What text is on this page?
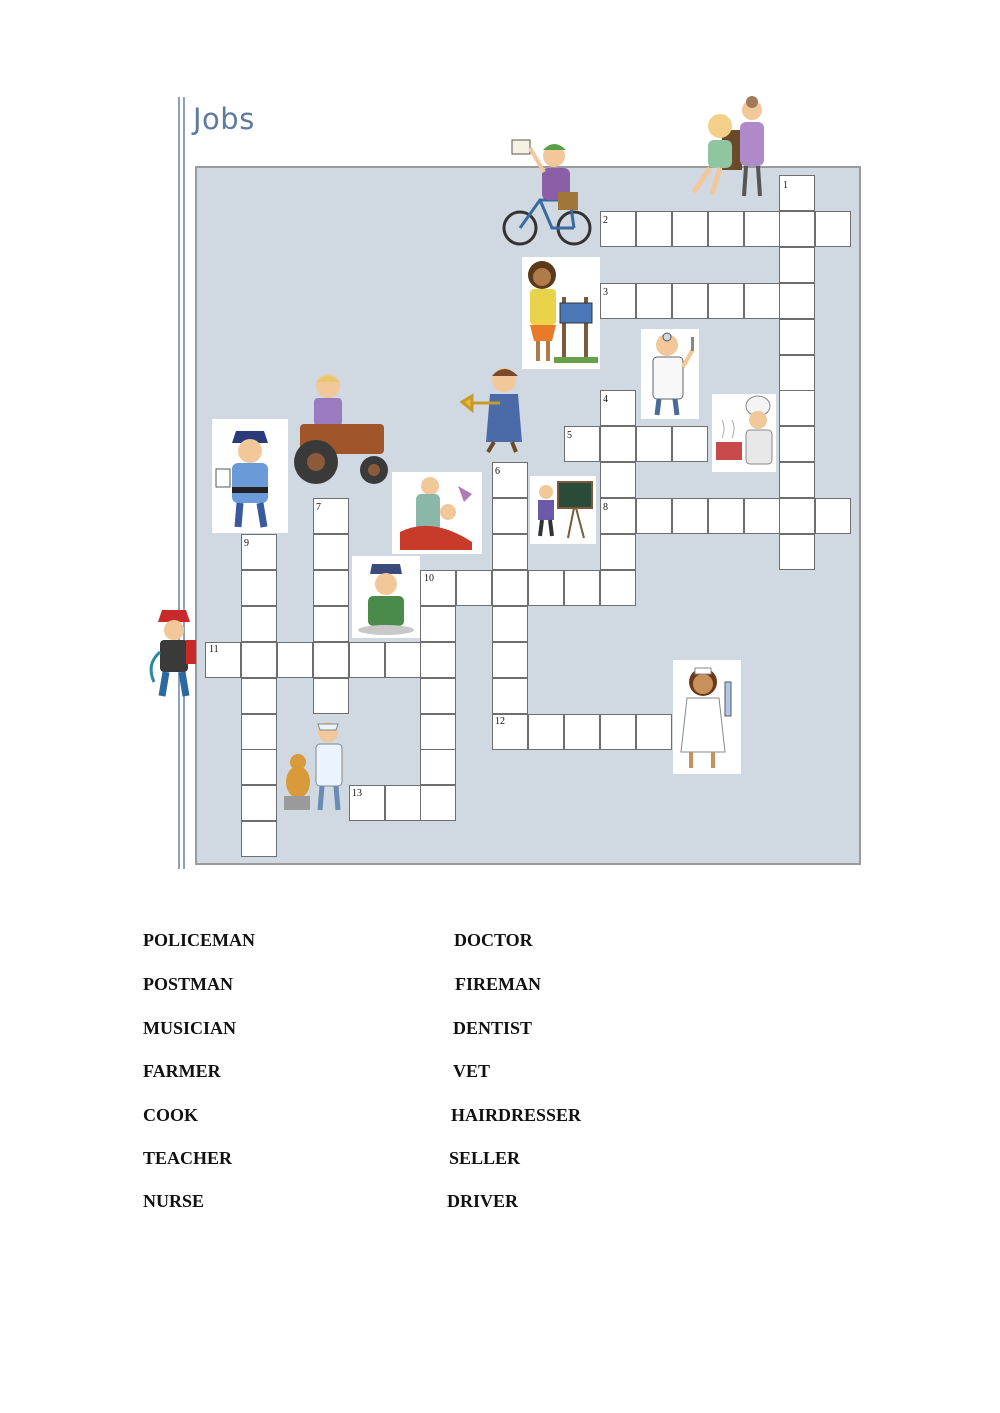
Jobs
1
2
3
4
5
6
7	8
9
10
11
12
13
POLICEMAN
POSTMAN
MUSICIAN
FARMER
COOK
TEACHER
NURSE
DOCTOR
FIREMAN
DENTIST
VET
HAIRDRESSER
SELLER
DRIVER
